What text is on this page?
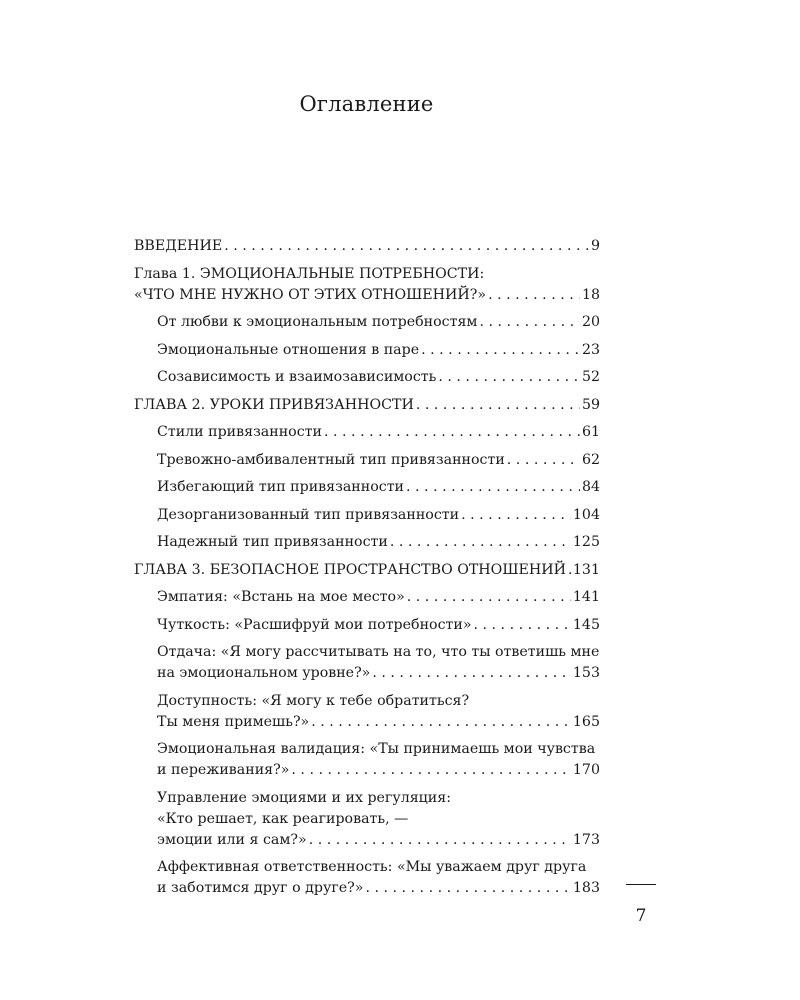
Оглавление
ВВЕДЕНИЕ . . .	9
Глава 1. ЭМОЦИОНАЛЬНЫЕ ПОТРЕБНОСТИ:
«ЧТО МНЕ НУЖНО ОТ ЭТИХ ОТНОШЕНИЙ?» . . .	18
От любви к эмоциональным потребностям . . .	20
Эмоциональные отношения в паре . . .	23
Созависимость и взаимозависимость . . .	52
ГЛАВА 2. УРОКИ ПРИВЯЗАННОСТИ . . .	59
Стили привязанности . . .	61
Тревожно-амбивалентный тип привязанности . . .	62
Избегающий тип привязанности . . .	84
Дезорганизованный тип привязанности . . .	104
Надежный тип привязанности . . .	125
ГЛАВА 3. БЕЗОПАСНОЕ ПРОСТРАНСТВО ОТНОШЕНИЙ . . . 131
Эмпатия: «Встань на мое место» . . .	141
Чуткость: «Расшифруй мои потребности» . . .	145
Отдача: «Я могу рассчитывать на то, что ты ответишь мне
на эмоциональном уровне?» . . .	153
Доступность: «Я могу к тебе обратиться?
Ты меня примешь?» . . .	165
Эмоциональная валидация: «Ты принимаешь мои чувства
и переживания?» . . .	170
Управление эмоциями и их регуляция:
«Кто решает, как реагировать, —
эмоции или я сам?» . . .	173
Аффективная ответственность: «Мы уважаем друг друга
и заботимся друг о друге?» . . .	183
7
